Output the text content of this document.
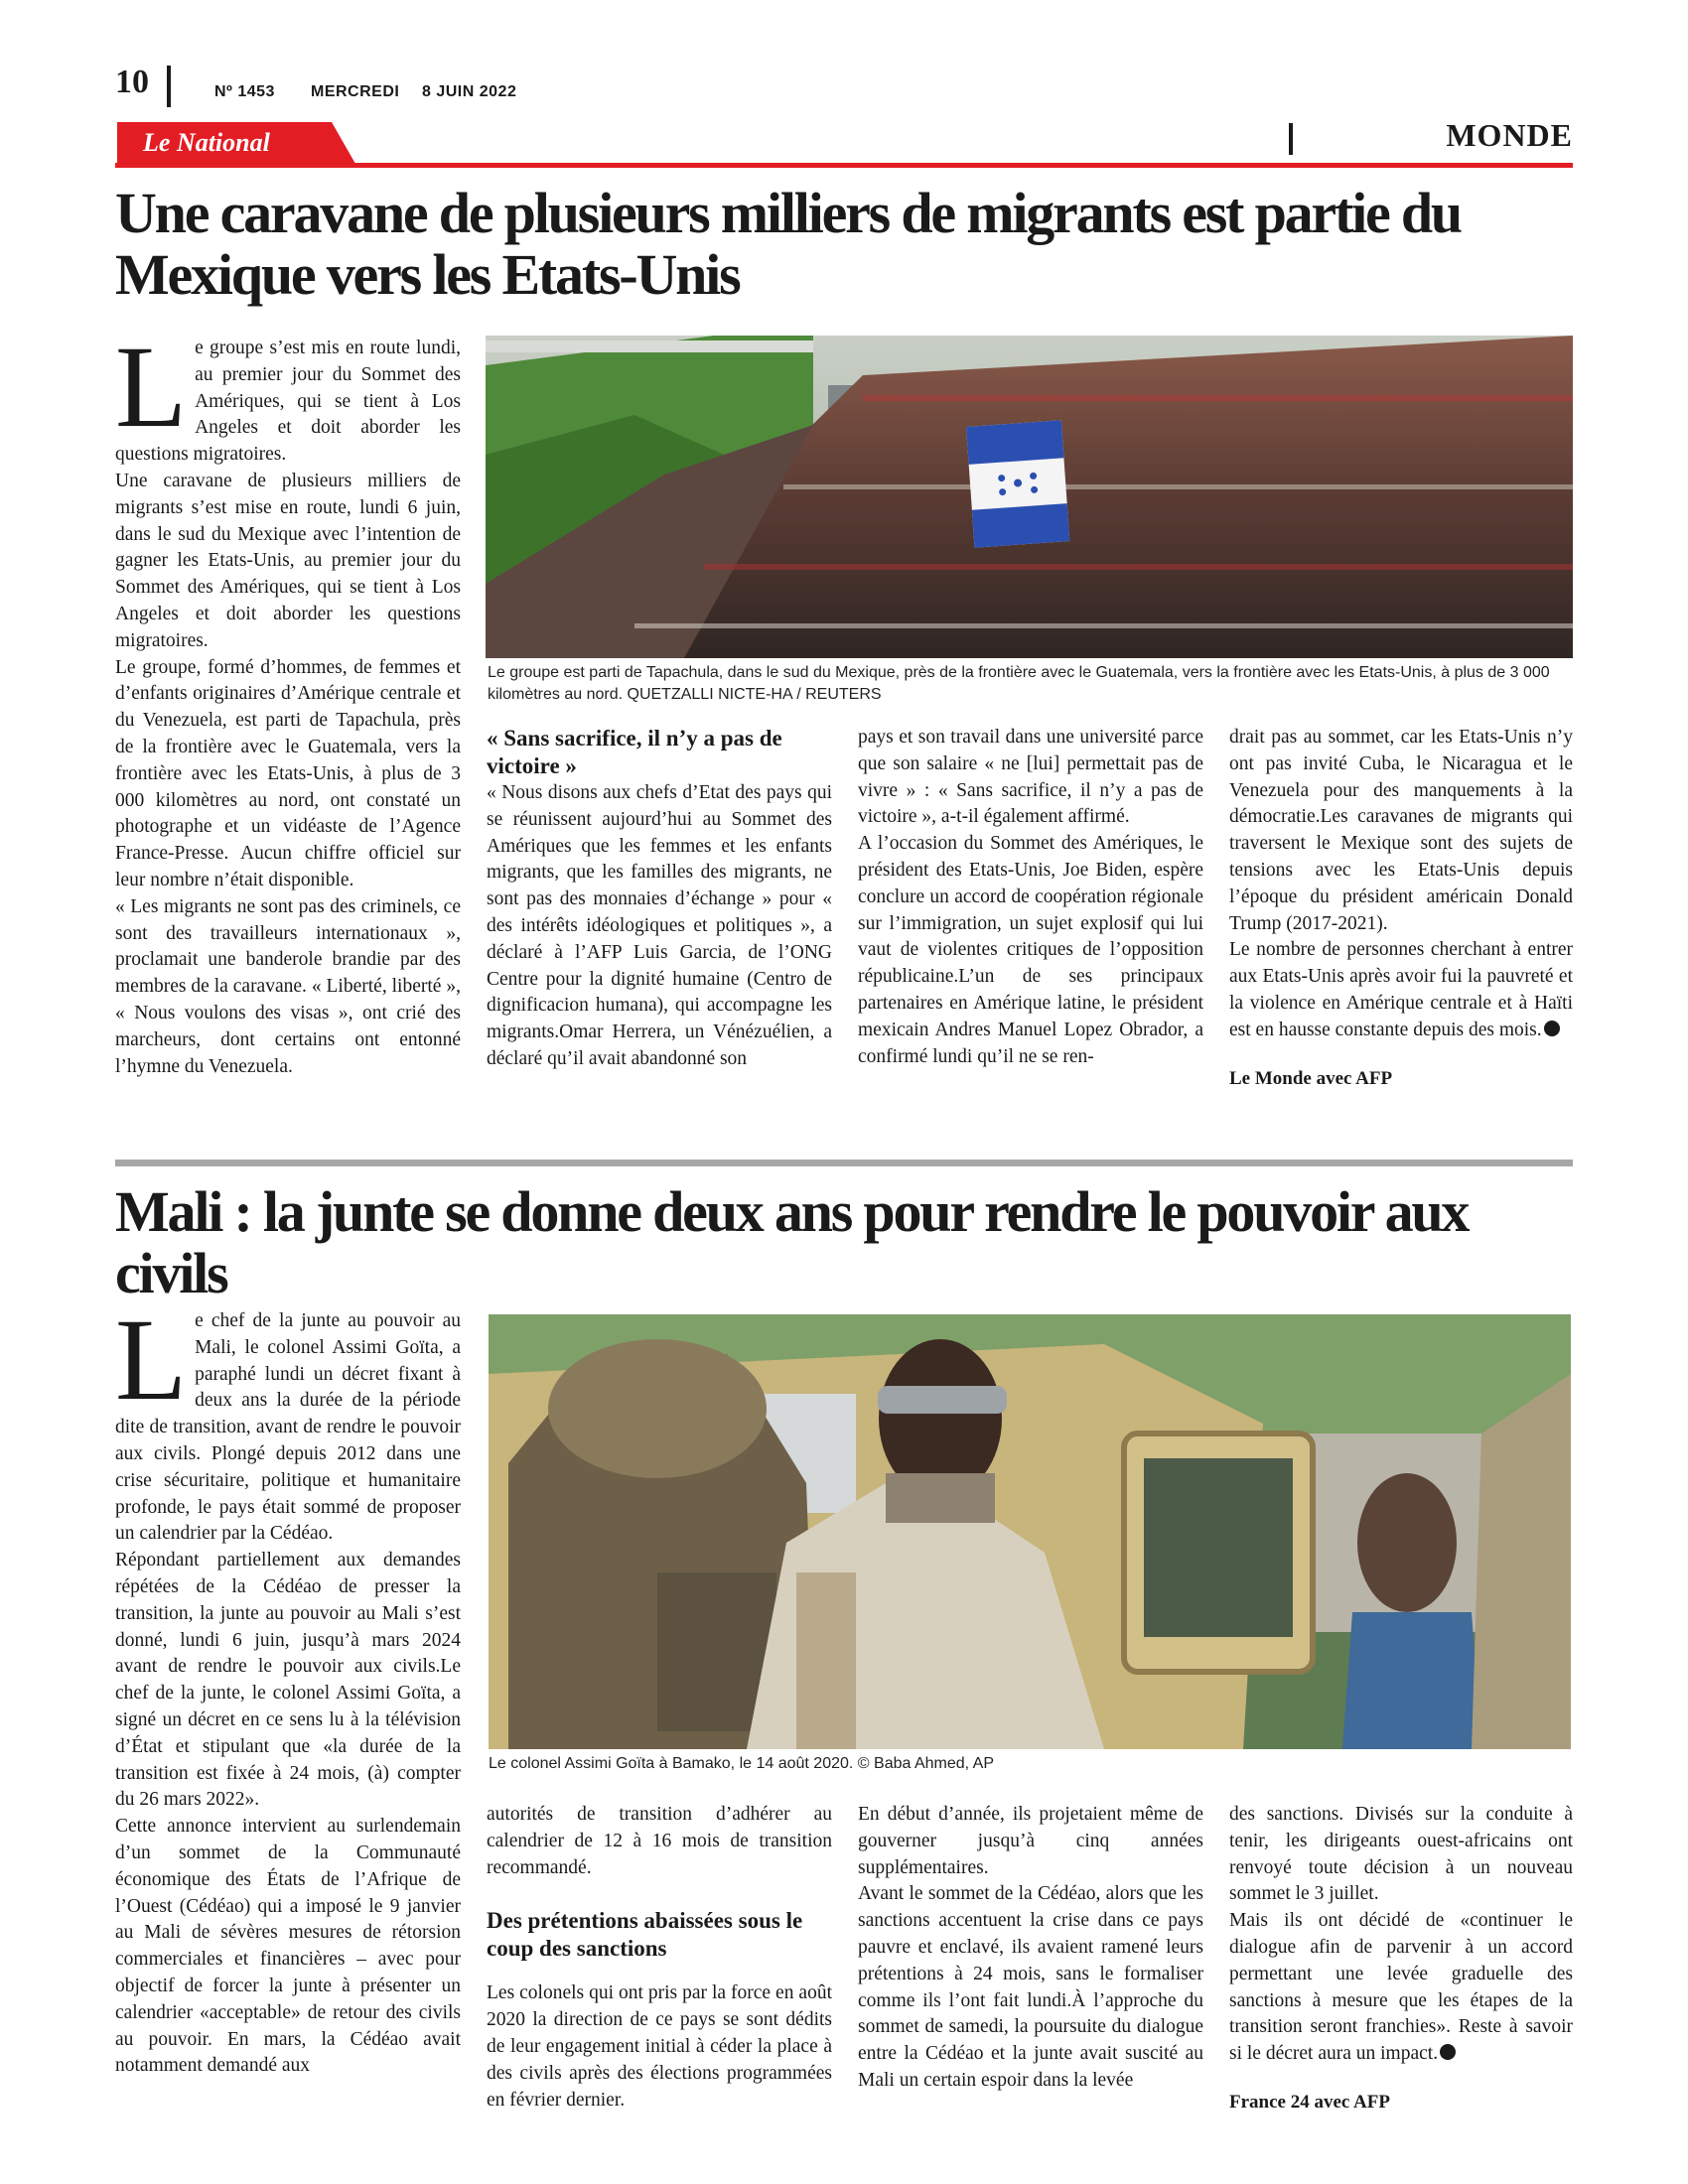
10	Nº 1453 MERCREDI 8 JUIN 2022
Le National	MONDE
Une caravane de plusieurs milliers de migrants est partie du Mexique vers les Etats-Unis

Le groupe s’est mis en route lundi, au premier jour du Sommet des Amériques, qui se tient à Los Angeles et doit aborder les questions migratoires.

Une caravane de plusieurs milliers de migrants s’est mise en route, lundi 6 juin, dans le sud du Mexique avec l’intention de gagner les Etats-Unis, au premier jour du Sommet des Amériques, qui se tient à Los Angeles et doit aborder les questions migratoires.

Le groupe, formé d’hommes, de femmes et d’enfants originaires d’Amérique centrale et du Venezuela, est parti de Tapachula, près de la frontière avec le Guatemala, vers la frontière avec les Etats-Unis, à plus de 3 000 kilomètres au nord, ont constaté un photographe et un vidéaste de l’Agence France-Presse. Aucun chiffre officiel sur leur nombre n’était disponible.

« Les migrants ne sont pas des criminels, ce sont des travailleurs internationaux », proclamait une banderole brandie par des membres de la caravane. « Liberté, liberté », « Nous voulons des visas », ont crié des marcheurs, dont certains ont entonné l’hymne du Venezuela.

Le groupe est parti de Tapachula, dans le sud du Mexique, près de la frontière avec le Guatemala, vers la frontière avec les Etats-Unis, à plus de 3 000 kilomètres au nord. QUETZALLI NICTE-HA / REUTERS

« Sans sacrifice, il n’y a pas de victoire »

« Nous disons aux chefs d’Etat des pays qui se réunissent aujourd’hui au Sommet des Amériques que les femmes et les enfants migrants, que les familles des migrants, ne sont pas des monnaies d’échange » pour « des intérêts idéologiques et politiques », a déclaré à l’AFP Luis Garcia, de l’ONG Centre pour la dignité humaine (Centro de dignificacion humana), qui accompagne les migrants.Omar Herrera, un Vénézuélien, a déclaré qu’il avait abandonné son

pays et son travail dans une université parce que son salaire « ne [lui] permettait pas de vivre » : « Sans sacrifice, il n’y a pas de victoire », a-t-il également affirmé.

A l’occasion du Sommet des Amériques, le président des Etats-Unis, Joe Biden, espère conclure un accord de coopération régionale sur l’immigration, un sujet explosif qui lui vaut de violentes critiques de l’opposition républicaine.L’un de ses principaux partenaires en Amérique latine, le président mexicain Andres Manuel Lopez Obrador, a confirmé lundi qu’il ne se ren-

drait pas au sommet, car les Etats-Unis n’y ont pas invité Cuba, le Nicaragua et le Venezuela pour des manquements à la démocratie.Les caravanes de migrants qui traversent le Mexique sont des sujets de tensions avec les Etats-Unis depuis l’époque du président américain Donald Trump (2017-2021).

Le nombre de personnes cherchant à entrer aux Etats-Unis après avoir fui la pauvreté et la violence en Amérique centrale et à Haïti est en hausse constante depuis des mois.

Le Monde avec AFP

Mali : la junte se donne deux ans pour rendre le pouvoir aux civils

Le chef de la junte au pouvoir au Mali, le colonel Assimi Goïta, a paraphé lundi un décret fixant à deux ans la durée de la période dite de transition, avant de rendre le pouvoir aux civils. Plongé depuis 2012 dans une crise sécuritaire, politique et humanitaire profonde, le pays était sommé de proposer un calendrier par la Cédéao.

Répondant partiellement aux demandes répétées de la Cédéao de presser la transition, la junte au pouvoir au Mali s’est donné, lundi 6 juin, jusqu’à mars 2024 avant de rendre le pouvoir aux civils.Le chef de la junte, le colonel Assimi Goïta, a signé un décret en ce sens lu à la télévision d’État et stipulant que «la durée de la transition est fixée à 24 mois, (à) compter du 26 mars 2022».

Cette annonce intervient au surlendemain d’un sommet de la Communauté économique des États de l’Afrique de l’Ouest (Cédéao) qui a imposé le 9 janvier au Mali de sévères mesures de rétorsion commerciales et financières – avec pour objectif de forcer la junte à présenter un calendrier «acceptable» de retour des civils au pouvoir. En mars, la Cédéao avait notamment demandé aux

Le colonel Assimi Goïta à Bamako, le 14 août 2020. © Baba Ahmed, AP

autorités de transition d’adhérer au calendrier de 12 à 16 mois de transition recommandé.

Des prétentions abaissées sous le coup des sanctions

Les colonels qui ont pris par la force en août 2020 la direction de ce pays se sont dédits de leur engagement initial à céder la place à des civils après des élections programmées en février dernier.

En début d’année, ils projetaient même de gouverner jusqu’à cinq années supplémentaires.

Avant le sommet de la Cédéao, alors que les sanctions accentuent la crise dans ce pays pauvre et enclavé, ils avaient ramené leurs prétentions à 24 mois, sans le formaliser comme ils l’ont fait lundi.À l’approche du sommet de samedi, la poursuite du dialogue entre la Cédéao et la junte avait suscité au Mali un certain espoir dans la levée

des sanctions. Divisés sur la conduite à tenir, les dirigeants ouest-africains ont renvoyé toute décision à un nouveau sommet le 3 juillet.

Mais ils ont décidé de «continuer le dialogue afin de parvenir à un accord permettant une levée graduelle des sanctions à mesure que les étapes de la transition seront franchies». Reste à savoir si le décret aura un impact.

France 24 avec AFP
